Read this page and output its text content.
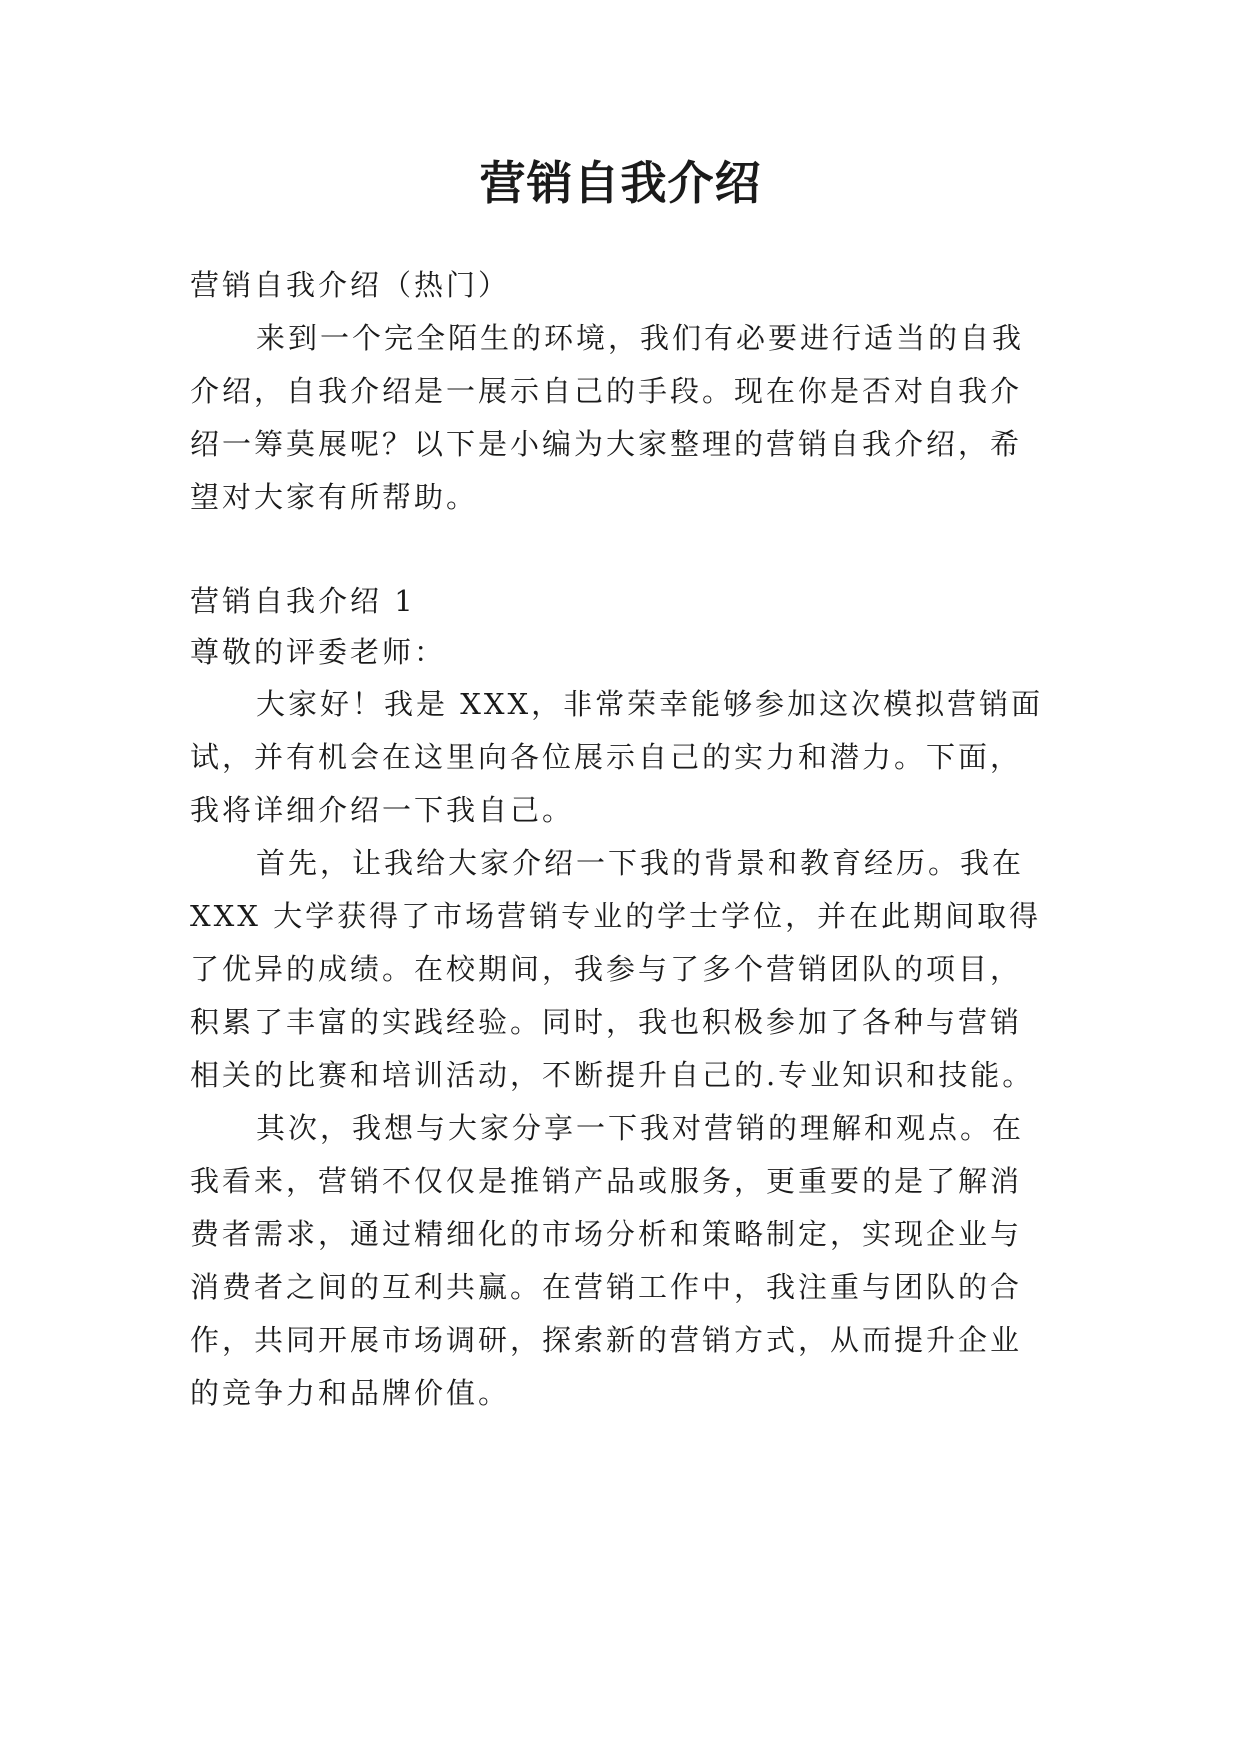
营销自我介绍

营销自我介绍（热门）

来到一个完全陌生的环境，我们有必要进行适当的自我

介绍，自我介绍是一展示自己的手段。现在你是否对自我介

绍一筹莫展呢？以下是小编为大家整理的营销自我介绍，希

望对大家有所帮助。

营销自我介绍 1

尊敬的评委老师：

大家好！我是 XXX，非常荣幸能够参加这次模拟营销面

试，并有机会在这里向各位展示自己的实力和潜力。下面，

我将详细介绍一下我自己。

首先，让我给大家介绍一下我的背景和教育经历。我在

XXX 大学获得了市场营销专业的学士学位，并在此期间取得

了优异的成绩。在校期间，我参与了多个营销团队的项目，

积累了丰富的实践经验。同时，我也积极参加了各种与营销

相关的比赛和培训活动，不断提升自己的.专业知识和技能。

其次，我想与大家分享一下我对营销的理解和观点。在

我看来，营销不仅仅是推销产品或服务，更重要的是了解消

费者需求，通过精细化的市场分析和策略制定，实现企业与

消费者之间的互利共赢。在营销工作中，我注重与团队的合

作，共同开展市场调研，探索新的营销方式，从而提升企业

的竞争力和品牌价值。
